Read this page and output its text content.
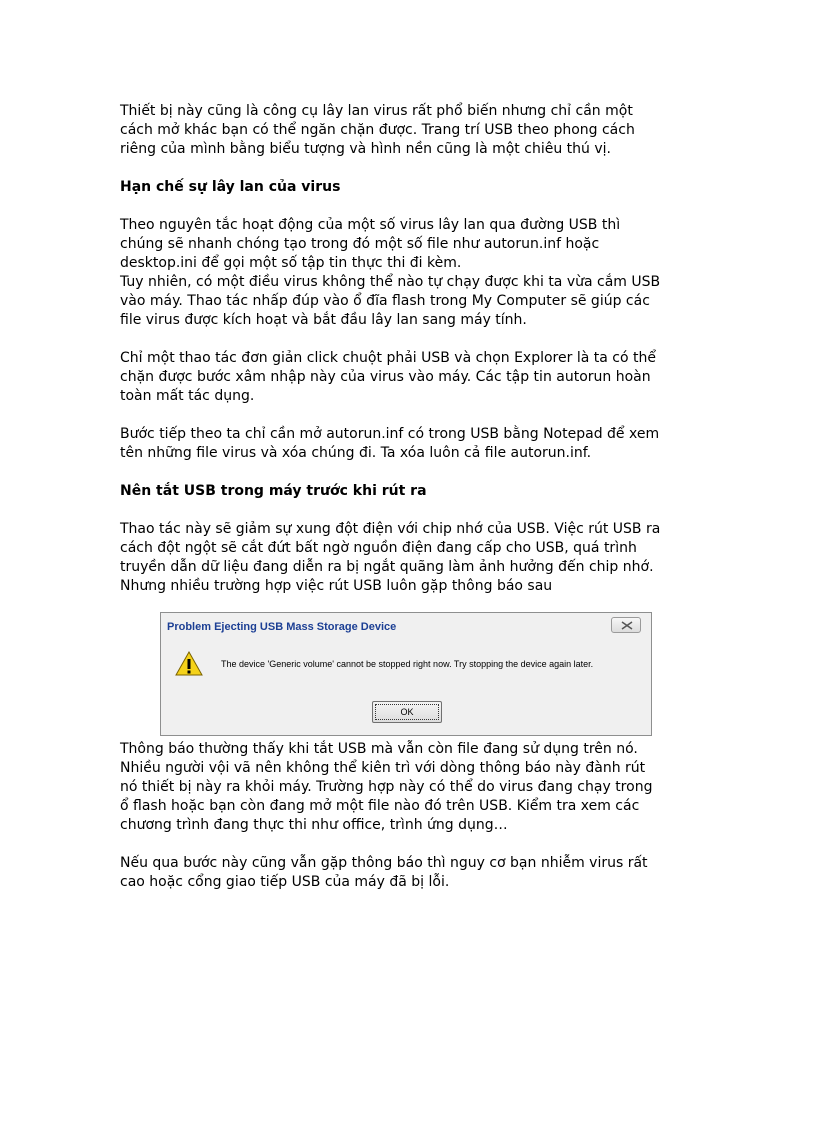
Thiết bị này cũng là công cụ lây lan virus rất phổ biến nhưng chỉ cần một

cách mở khác bạn có thể ngăn chặn được. Trang trí USB theo phong cách

riêng của mình bằng biểu tượng và hình nền cũng là một chiêu thú vị.

Hạn chế sự lây lan của virus

Theo nguyên tắc hoạt động của một số virus lây lan qua đường USB thì

chúng sẽ nhanh chóng tạo trong đó một số file như autorun.inf hoặc

desktop.ini để gọi một số tập tin thực thi đi kèm.

Tuy nhiên, có một điều virus không thể nào tự chạy được khi ta vừa cắm USB

vào máy. Thao tác nhấp đúp vào ổ đĩa flash trong My Computer sẽ giúp các

file virus được kích hoạt và bắt đầu lây lan sang máy tính.

Chỉ một thao tác đơn giản click chuột phải USB và chọn Explorer là ta có thể

chặn được bước xâm nhập này của virus vào máy. Các tập tin autorun hoàn

toàn mất tác dụng.

Bước tiếp theo ta chỉ cần mở autorun.inf có trong USB bằng Notepad để xem

tên những file virus và xóa chúng đi. Ta xóa luôn cả file autorun.inf.

Nên tắt USB trong máy trước khi rút ra

Thao tác này sẽ giảm sự xung đột điện với chip nhớ của USB. Việc rút USB ra

cách đột ngột sẽ cắt đứt bất ngờ nguồn điện đang cấp cho USB, quá trình

truyền dẫn dữ liệu đang diễn ra bị ngắt quãng làm ảnh hưởng đến chip nhớ.

Nhưng nhiều trường hợp việc rút USB luôn gặp thông báo sau

Problem Ejecting USB Mass Storage Device
The device 'Generic volume' cannot be stopped right now. Try stopping the device again later.
OK

Thông báo thường thấy khi tắt USB mà vẫn còn file đang sử dụng trên nó.

Nhiều người vội vã nên không thể kiên trì với dòng thông báo này đành rút

nó thiết bị này ra khỏi máy. Trường hợp này có thể do virus đang chạy trong

ổ flash hoặc bạn còn đang mở một file nào đó trên USB. Kiểm tra xem các

chương trình đang thực thi như office, trình ứng dụng…

Nếu qua bước này cũng vẫn gặp thông báo thì nguy cơ bạn nhiễm virus rất

cao hoặc cổng giao tiếp USB của máy đã bị lỗi.
